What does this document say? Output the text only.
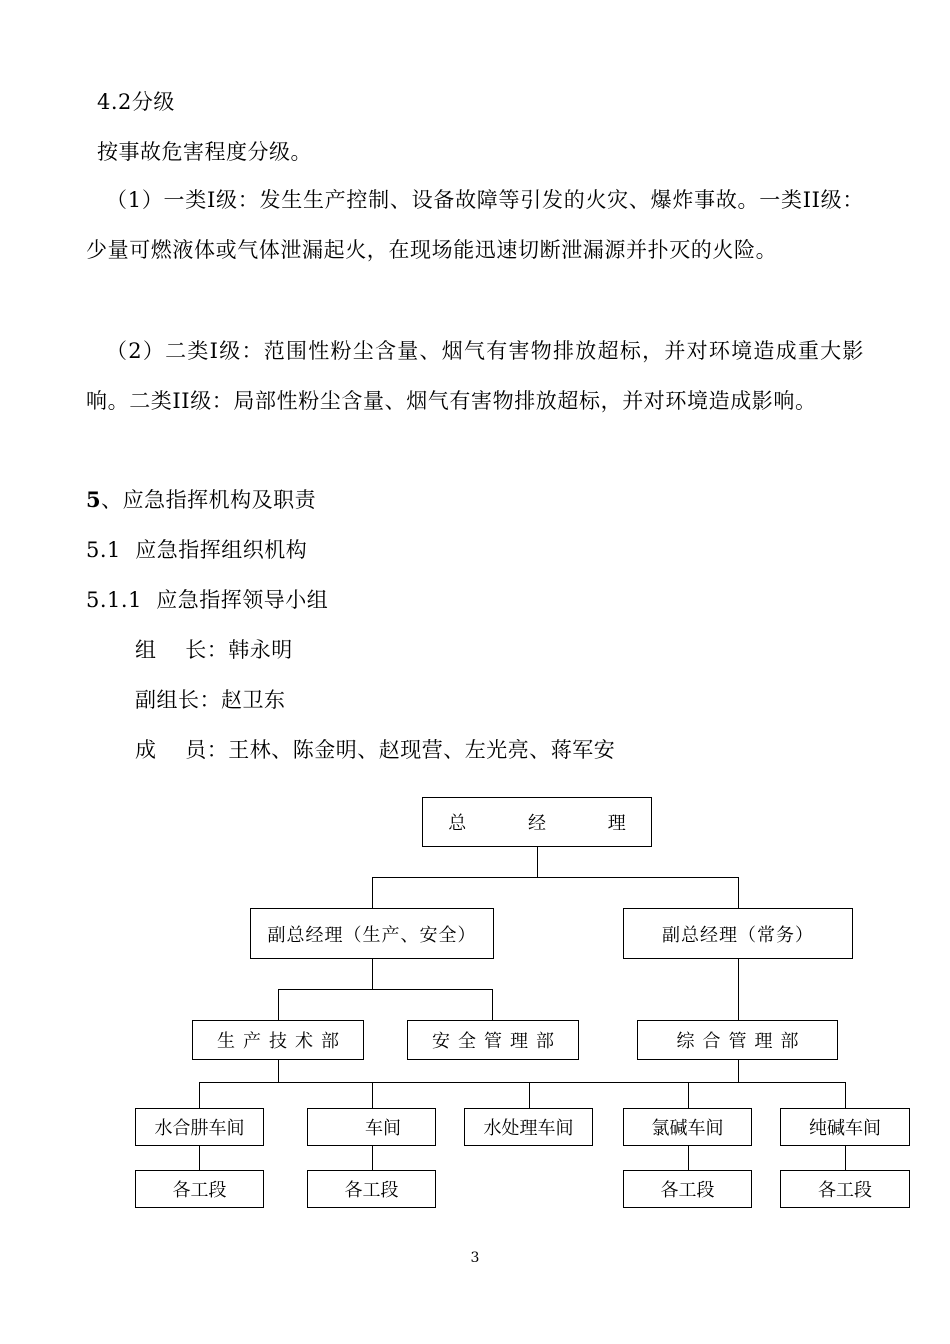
4.2分级
按事故危害程度分级。
（1）一类I级：发生生产控制、设备故障等引发的火灾、爆炸事故。一类II级：少量可燃液体或气体泄漏起火，在现场能迅速切断泄漏源并扑灭的火险。
（2）二类I级：范围性粉尘含量、烟气有害物排放超标，并对环境造成重大影响。二类II级：局部性粉尘含量、烟气有害物排放超标，并对环境造成影响。
5、应急指挥机构及职责
5.1  应急指挥组织机构
5.1.1  应急指挥领导小组
组    长：韩永明
副组长：赵卫东
成    员：王林、陈金明、赵现营、左光亮、蒋军安
总 经 理
副总经理（生产、安全）	副总经理（常务）
生产技术部	安全管理部	综合管理部
水合肼车间	车间	水处理车间	氯碱车间	纯碱车间
各工段	各工段	各工段	各工段
3
